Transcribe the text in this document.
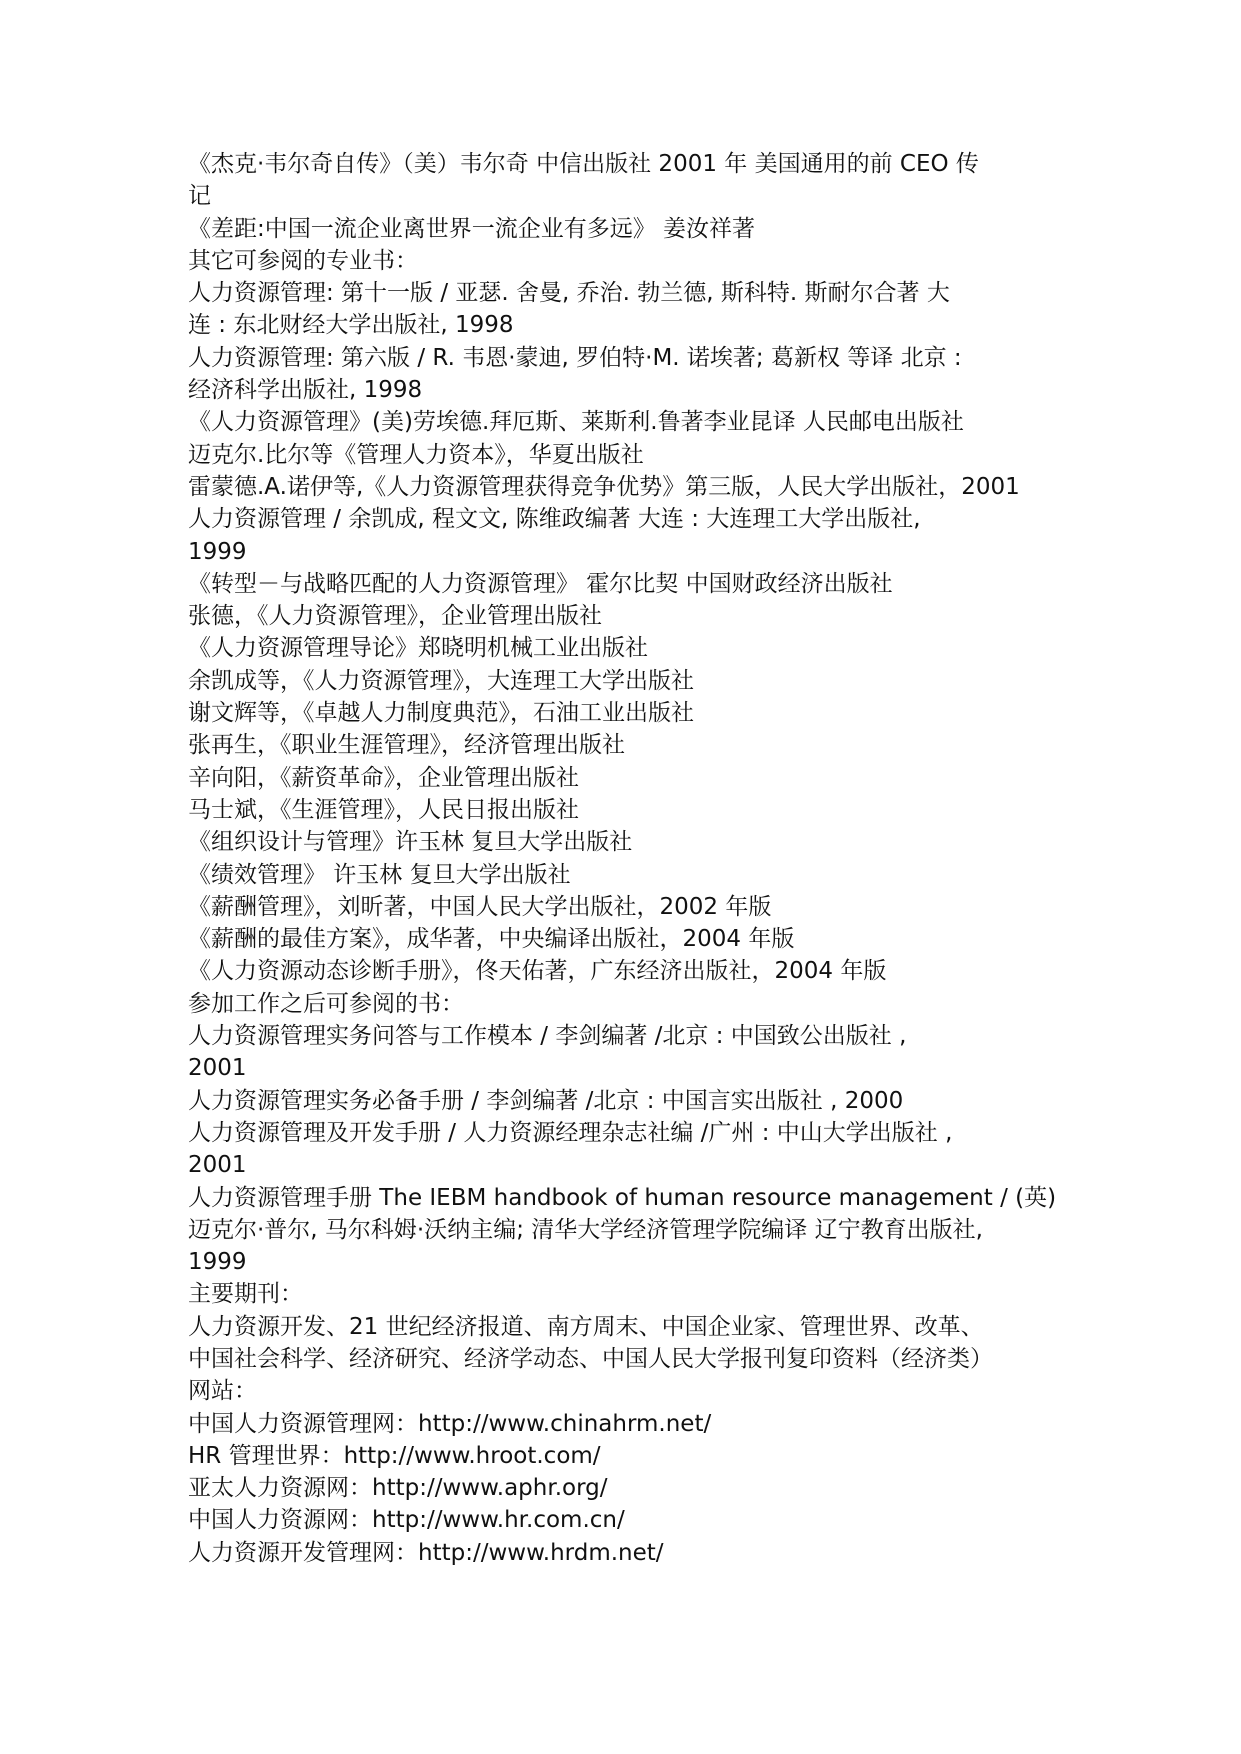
《杰克·韦尔奇自传》（美）韦尔奇 中信出版社 2001 年 美国通用的前 CEO 传
记
《差距:中国一流企业离世界一流企业有多远》 姜汝祥著
其它可参阅的专业书：
人力资源管理: 第十一版 / 亚瑟. 舍曼, 乔治. 勃兰德, 斯科特. 斯耐尔合著 大
连 : 东北财经大学出版社, 1998
人力资源管理: 第六版 / R. 韦恩·蒙迪, 罗伯特·M. 诺埃著; 葛新权 等译 北京 :
经济科学出版社, 1998
《人力资源管理》(美)劳埃德.拜厄斯、莱斯利.鲁著李业昆译 人民邮电出版社
迈克尔.比尔等《管理人力资本》，华夏出版社
雷蒙德.A.诺伊等,《人力资源管理获得竞争优势》第三版，人民大学出版社，2001
人力资源管理 / 余凯成, 程文文, 陈维政编著 大连 : 大连理工大学出版社,
1999
《转型－与战略匹配的人力资源管理》 霍尔比契 中国财政经济出版社
张德，《人力资源管理》，企业管理出版社
《人力资源管理导论》郑晓明机械工业出版社
余凯成等，《人力资源管理》，大连理工大学出版社
谢文辉等，《卓越人力制度典范》，石油工业出版社
张再生，《职业生涯管理》，经济管理出版社
辛向阳，《薪资革命》，企业管理出版社
马士斌，《生涯管理》，人民日报出版社
《组织设计与管理》许玉林 复旦大学出版社
《绩效管理》 许玉林 复旦大学出版社
《薪酬管理》，刘昕著，中国人民大学出版社，2002 年版
《薪酬的最佳方案》，成华著，中央编译出版社，2004 年版
《人力资源动态诊断手册》，佟天佑著，广东经济出版社，2004 年版
参加工作之后可参阅的书：
人力资源管理实务问答与工作模本 / 李剑编著 /北京 : 中国致公出版社 ,
2001
人力资源管理实务必备手册 / 李剑编著 /北京 : 中国言实出版社 , 2000
人力资源管理及开发手册 / 人力资源经理杂志社编 /广州 : 中山大学出版社 ,
2001
人力资源管理手册 The IEBM handbook of human resource management / (英)
迈克尔·普尔, 马尔科姆·沃纳主编; 清华大学经济管理学院编译 辽宁教育出版社,
1999
主要期刊：
人力资源开发、21 世纪经济报道、南方周末、中国企业家、管理世界、改革、
中国社会科学、经济研究、经济学动态、中国人民大学报刊复印资料（经济类）
网站：
中国人力资源管理网：http://www.chinahrm.net/
HR 管理世界：http://www.hroot.com/
亚太人力资源网：http://www.aphr.org/
中国人力资源网：http://www.hr.com.cn/
人力资源开发管理网：http://www.hrdm.net/
